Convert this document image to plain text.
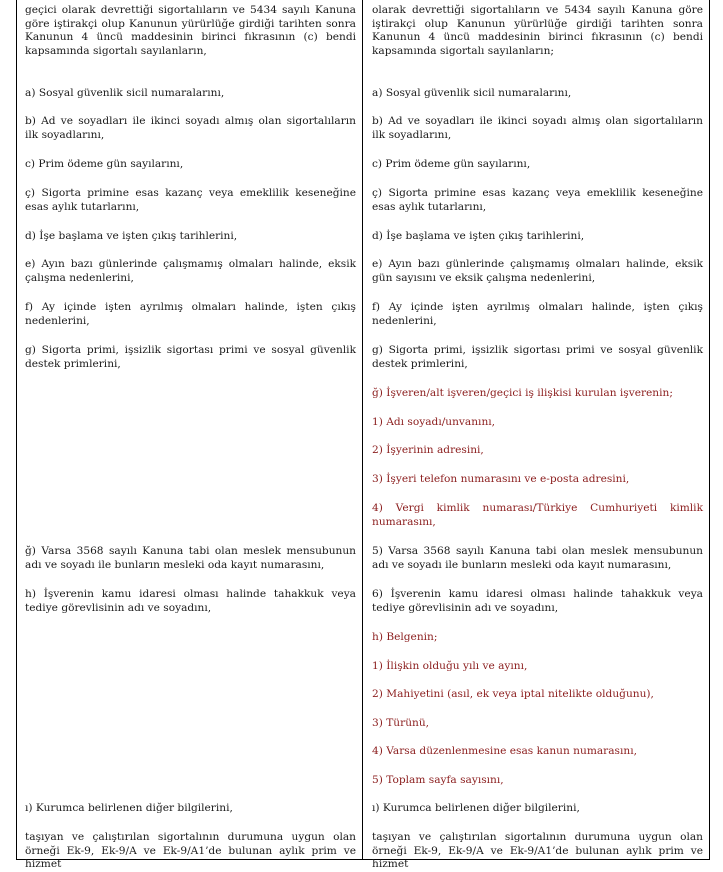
geçici olarak devrettiği sigortalıların ve 5434 sayılı Kanuna göre iştirakçi olup Kanunun yürürlüğe girdiği tarihten sonra Kanunun 4 üncü maddesinin birinci fıkrasının (c) bendi kapsamında sigortalı sayılanların,

a) Sosyal güvenlik sicil numaralarını,

b) Ad ve soyadları ile ikinci soyadı almış olan sigortalıların ilk soyadlarını,

c) Prim ödeme gün sayılarını,

ç) Sigorta primine esas kazanç veya emeklilik keseneğine esas aylık tutarlarını,

d) İşe başlama ve işten çıkış tarihlerini,

e) Ayın bazı günlerinde çalışmamış olmaları halinde, eksik çalışma nedenlerini,

f) Ay içinde işten ayrılmış olmaları halinde, işten çıkış nedenlerini,

g) Sigorta primi, işsizlik sigortası primi ve sosyal güvenlik destek primlerini,

ğ) Varsa 3568 sayılı Kanuna tabi olan meslek mensubunun adı ve soyadı ile bunların mesleki oda kayıt numarasını,

h) İşverenin kamu idaresi olması halinde tahakkuk veya tediye görevlisinin adı ve soyadını,

ı) Kurumca belirlenen diğer bilgilerini,

taşıyan ve çalıştırılan sigortalının durumuna uygun olan örneği Ek-9, Ek-9/A ve Ek-9/A1’de bulunan aylık prim ve hizmet

olarak devrettiği sigortalıların ve 5434 sayılı Kanuna göre iştirakçi olup Kanunun yürürlüğe girdiği tarihten sonra Kanunun 4 üncü maddesinin birinci fıkrasının (c) bendi kapsamında sigortalı sayılanların;

a) Sosyal güvenlik sicil numaralarını,

b) Ad ve soyadları ile ikinci soyadı almış olan sigortalıların ilk soyadlarını,

c) Prim ödeme gün sayılarını,

ç) Sigorta primine esas kazanç veya emeklilik keseneğine esas aylık tutarlarını,

d) İşe başlama ve işten çıkış tarihlerini,

e) Ayın bazı günlerinde çalışmamış olmaları halinde, eksik gün sayısını ve eksik çalışma nedenlerini,

f) Ay içinde işten ayrılmış olmaları halinde, işten çıkış nedenlerini,

g) Sigorta primi, işsizlik sigortası primi ve sosyal güvenlik destek primlerini,

ğ) İşveren/alt işveren/geçici iş ilişkisi kurulan işverenin;

1) Adı soyadı/unvanını,

2) İşyerinin adresini,

3) İşyeri telefon numarasını ve e-posta adresini,

4) Vergi kimlik numarası/Türkiye Cumhuriyeti kimlik numarasını,

5) Varsa 3568 sayılı Kanuna tabi olan meslek mensubunun adı ve soyadı ile bunların mesleki oda kayıt numarasını,

6) İşverenin kamu idaresi olması halinde tahakkuk veya tediye görevlisinin adı ve soyadını,

h) Belgenin;

1) İlişkin olduğu yılı ve ayını,

2) Mahiyetini (asıl, ek veya iptal nitelikte olduğunu),

3) Türünü,

4) Varsa düzenlenmesine esas kanun numarasını,

5) Toplam sayfa sayısını,

ı) Kurumca belirlenen diğer bilgilerini,

taşıyan ve çalıştırılan sigortalının durumuna uygun olan örneği Ek-9, Ek-9/A ve Ek-9/A1’de bulunan aylık prim ve hizmet
